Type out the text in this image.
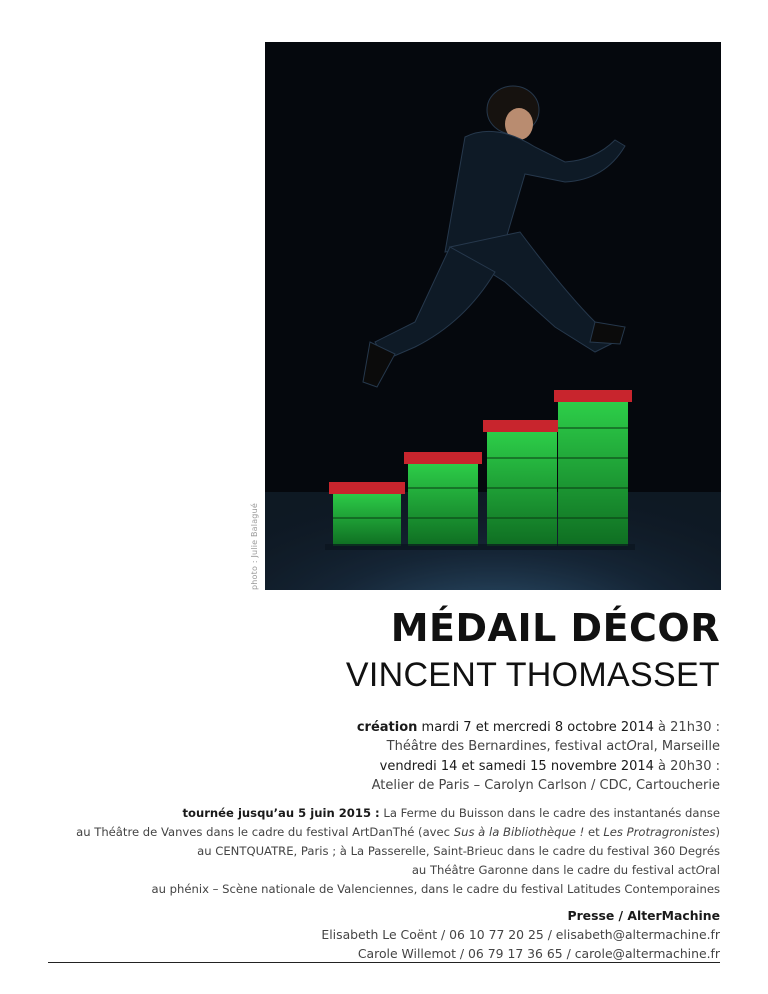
photo : Julie Balagué
MÉDAIL DÉCOR
VINCENT THOMASSET
création mardi 7 et mercredi 8 octobre 2014 à 21h30 :
Théâtre des Bernardines, festival actOral, Marseille
vendredi 14 et samedi 15 novembre 2014 à 20h30 :
Atelier de Paris – Carolyn Carlson / CDC, Cartoucherie
tournée jusqu’au 5 juin 2015 : La Ferme du Buisson dans le cadre des instantanés danse
au Théâtre de Vanves dans le cadre du festival ArtDanThé (avec Sus à la Bibliothèque ! et Les Protragronistes)
au CENTQUATRE, Paris ; à La Passerelle, Saint-Brieuc dans le cadre du festival 360 Degrés
au Théâtre Garonne dans le cadre du festival actOral
au phénix – Scène nationale de Valenciennes, dans le cadre du festival Latitudes Contemporaines
Presse / AlterMachine
Elisabeth Le Coënt / 06 10 77 20 25 / elisabeth@altermachine.fr
Carole Willemot / 06 79 17 36 65 / carole@altermachine.fr
